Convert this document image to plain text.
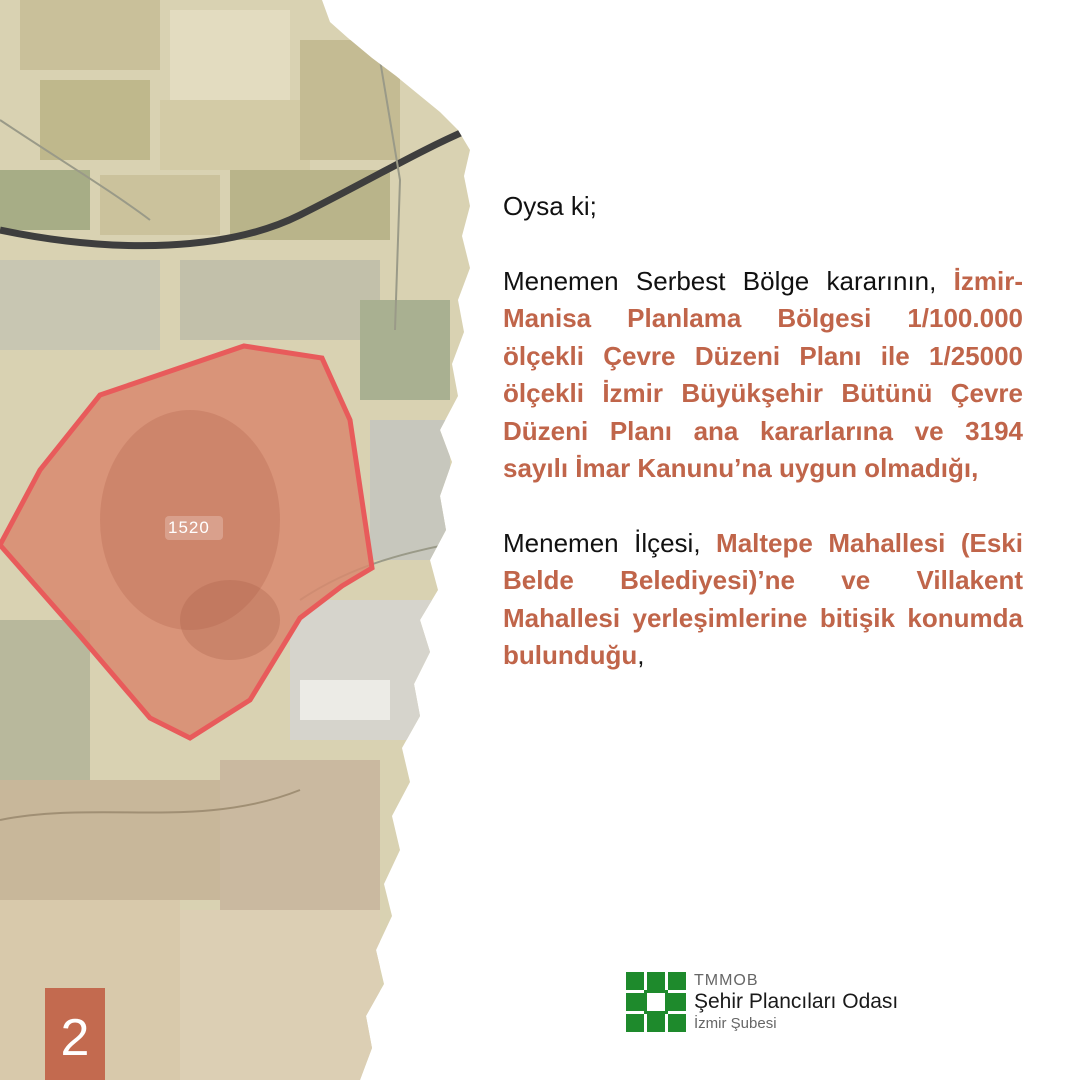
1520

Oysa ki;

Menemen Serbest Bölge kararının, İzmir-Manisa Planlama Bölgesi 1/100.000 ölçekli Çevre Düzeni Planı ile 1/25000 ölçekli İzmir Büyükşehir Bütünü Çevre Düzeni Planı ana kararlarına ve 3194 sayılı İmar Kanunu’na uygun olmadığı,

Menemen İlçesi, Maltepe Mahallesi (Eski Belde Belediyesi)’ne ve Villakent Mahallesi yerleşimlerine bitişik konumda bulunduğu,

2
TMMOB
Şehir Plancıları Odası
İzmir Şubesi
